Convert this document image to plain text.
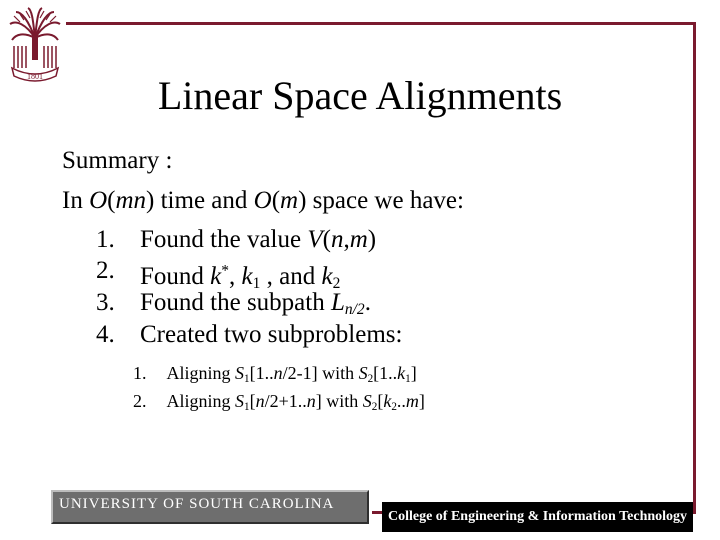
1801	Linear Space Alignments
Summary :
In O(mn) time and O(m) space we have:
1.	Found the value V(n,m)
2.	Found k*, $k_1$ , and $k_2$
3.	Found the subpath $L_{n/2}$.
4.	Created two subproblems:
1. Aligning $S_1[1..n/2-1]$ with $S_2[1..k_1]$
2. Aligning $S_1[n/2+1..n]$ with $S_2[k_2..m]$
UNIVERSITY OF SOUTH CAROLINA
College of Engineering & Information Technology
